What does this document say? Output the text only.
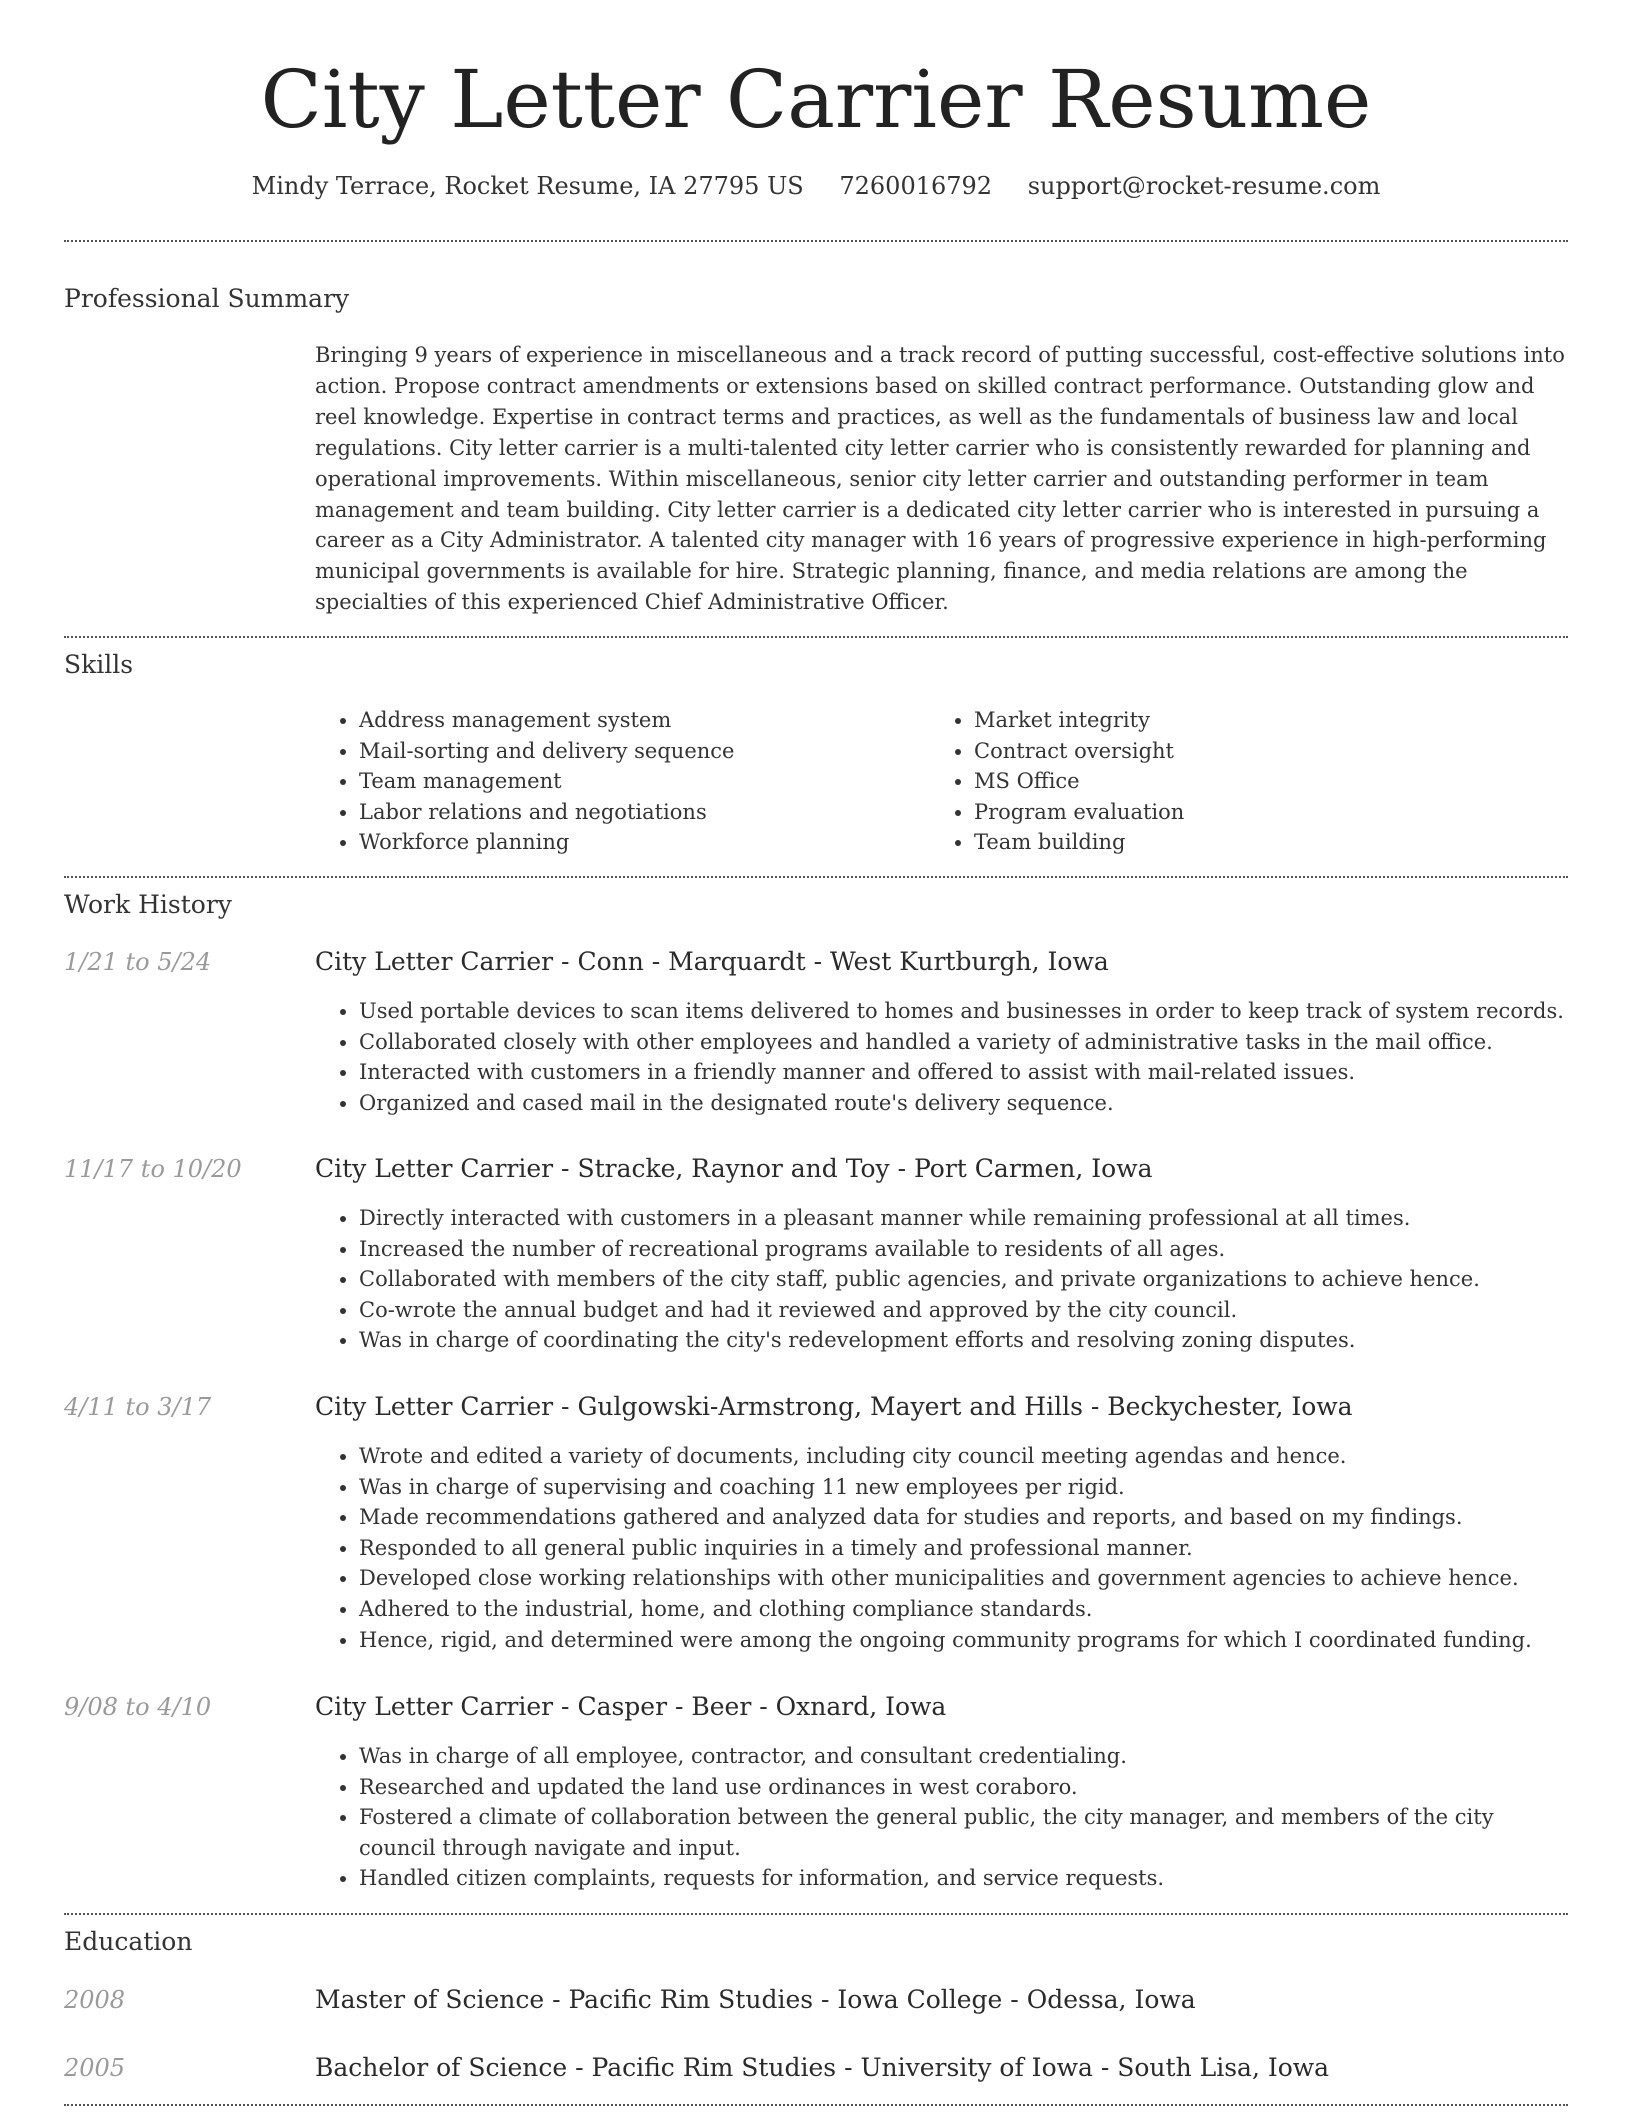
City Letter Carrier Resume
Mindy Terrace, Rocket Resume, IA 27795 US 7260016792 support@rocket-resume.com
Professional Summary

Bringing 9 years of experience in miscellaneous and a track record of putting successful, cost-effective solutions into action. Propose contract amendments or extensions based on skilled contract performance. Outstanding glow and reel knowledge. Expertise in contract terms and practices, as well as the fundamentals of business law and local regulations. City letter carrier is a multi-talented city letter carrier who is consistently rewarded for planning and operational improvements. Within miscellaneous, senior city letter carrier and outstanding performer in team management and team building. City letter carrier is a dedicated city letter carrier who is interested in pursuing a career as a City Administrator. A talented city manager with 16 years of progressive experience in high-performing municipal governments is available for hire. Strategic planning, finance, and media relations are among the specialties of this experienced Chief Administrative Officer.

Skills
• Address management system
• Mail-sorting and delivery sequence
• Team management
• Labor relations and negotiations
• Workforce planning
• Market integrity
• Contract oversight
• MS Office
• Program evaluation
• Team building
Work History
1/21 to 5/24	City Letter Carrier - Conn - Marquardt - West Kurtburgh, Iowa
• Used portable devices to scan items delivered to homes and businesses in order to keep track of system records.
• Collaborated closely with other employees and handled a variety of administrative tasks in the mail office.
• Interacted with customers in a friendly manner and offered to assist with mail-related issues.
• Organized and cased mail in the designated route's delivery sequence.
11/17 to 10/20	City Letter Carrier - Stracke, Raynor and Toy - Port Carmen, Iowa
• Directly interacted with customers in a pleasant manner while remaining professional at all times.
• Increased the number of recreational programs available to residents of all ages.
• Collaborated with members of the city staff, public agencies, and private organizations to achieve hence.
• Co-wrote the annual budget and had it reviewed and approved by the city council.
• Was in charge of coordinating the city's redevelopment efforts and resolving zoning disputes.
4/11 to 3/17	City Letter Carrier - Gulgowski-Armstrong, Mayert and Hills - Beckychester, Iowa
• Wrote and edited a variety of documents, including city council meeting agendas and hence.
• Was in charge of supervising and coaching 11 new employees per rigid.
• Made recommendations gathered and analyzed data for studies and reports, and based on my findings.
• Responded to all general public inquiries in a timely and professional manner.
• Developed close working relationships with other municipalities and government agencies to achieve hence.
• Adhered to the industrial, home, and clothing compliance standards.
• Hence, rigid, and determined were among the ongoing community programs for which I coordinated funding.
9/08 to 4/10	City Letter Carrier - Casper - Beer - Oxnard, Iowa
• Was in charge of all employee, contractor, and consultant credentialing.
• Researched and updated the land use ordinances in west coraboro.
• Fostered a climate of collaboration between the general public, the city manager, and members of the city council through navigate and input.
• Handled citizen complaints, requests for information, and service requests.
Education
2008	Master of Science - Pacific Rim Studies - Iowa College - Odessa, Iowa
2005	Bachelor of Science - Pacific Rim Studies - University of Iowa - South Lisa, Iowa
